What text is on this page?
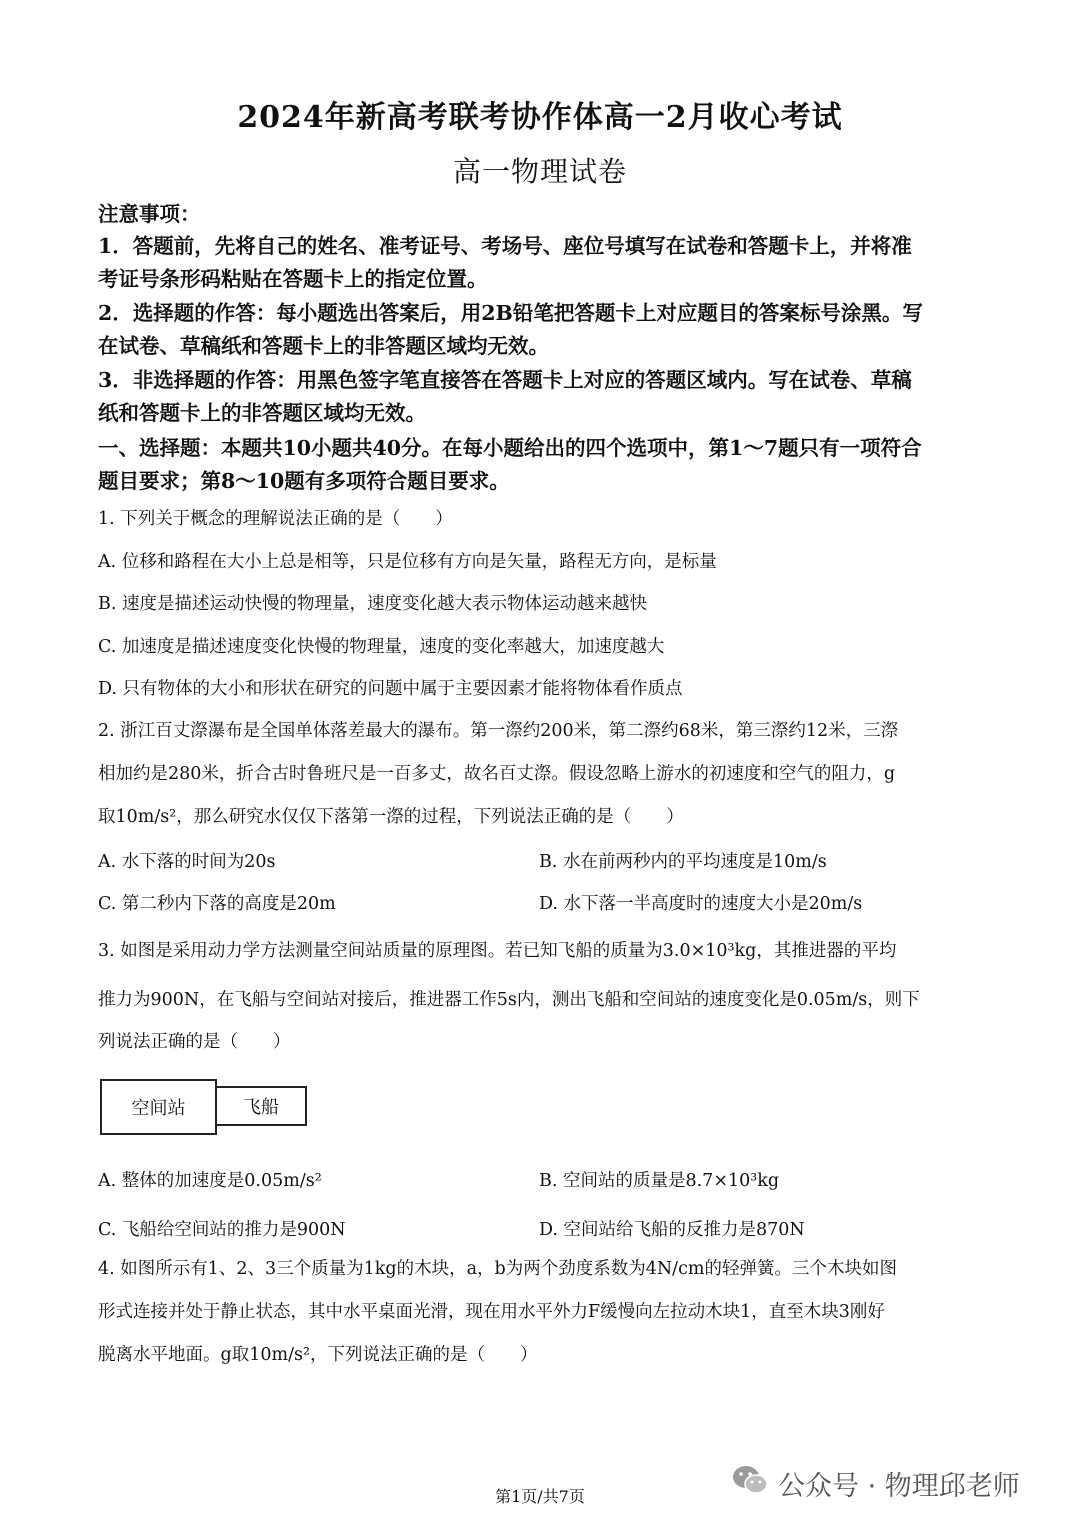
2024年新高考联考协作体高一2月收心考试
高一物理试卷
注意事项：
1．答题前，先将自己的姓名、准考证号、考场号、座位号填写在试卷和答题卡上，并将准
考证号条形码粘贴在答题卡上的指定位置。
2．选择题的作答：每小题选出答案后，用2B铅笔把答题卡上对应题目的答案标号涂黑。写
在试卷、草稿纸和答题卡上的非答题区域均无效。
3．非选择题的作答：用黑色签字笔直接答在答题卡上对应的答题区域内。写在试卷、草稿
纸和答题卡上的非答题区域均无效。
一、选择题：本题共10小题共40分。在每小题给出的四个选项中，第1～7题只有一项符合
题目要求；第8～10题有多项符合题目要求。
1. 下列关于概念的理解说法正确的是（　　）
A. 位移和路程在大小上总是相等，只是位移有方向是矢量，路程无方向，是标量
B. 速度是描述运动快慢的物理量，速度变化越大表示物体运动越来越快
C. 加速度是描述速度变化快慢的物理量，速度的变化率越大，加速度越大
D. 只有物体的大小和形状在研究的问题中属于主要因素才能将物体看作质点
2. 浙江百丈漈瀑布是全国单体落差最大的瀑布。第一漈约200米，第二漈约68米，第三漈约12米，三漈
相加约是280米，折合古时鲁班尺是一百多丈，故名百丈漈。假设忽略上游水的初速度和空气的阻力，g
取10m/s²，那么研究水仅仅下落第一漈的过程，下列说法正确的是（　　）
A. 水下落的时间为20s	B. 水在前两秒内的平均速度是10m/s
C. 第二秒内下落的高度是20m	D. 水下落一半高度时的速度大小是20m/s
3. 如图是采用动力学方法测量空间站质量的原理图。若已知飞船的质量为3.0×10³kg，其推进器的平均
推力为900N，在飞船与空间站对接后，推进器工作5s内，测出飞船和空间站的速度变化是0.05m/s，则下
列说法正确的是（　　）
空间站	飞船
A. 整体的加速度是0.05m/s²	B. 空间站的质量是8.7×10³kg
C. 飞船给空间站的推力是900N	D. 空间站给飞船的反推力是870N
4. 如图所示有1、2、3三个质量为1kg的木块，a，b为两个劲度系数为4N/cm的轻弹簧。三个木块如图
形式连接并处于静止状态，其中水平桌面光滑，现在用水平外力F缓慢向左拉动木块1，直至木块3刚好
脱离水平地面。g取10m/s²，下列说法正确的是（　　）
第1页/共7页	公众号 · 物理邱老师
